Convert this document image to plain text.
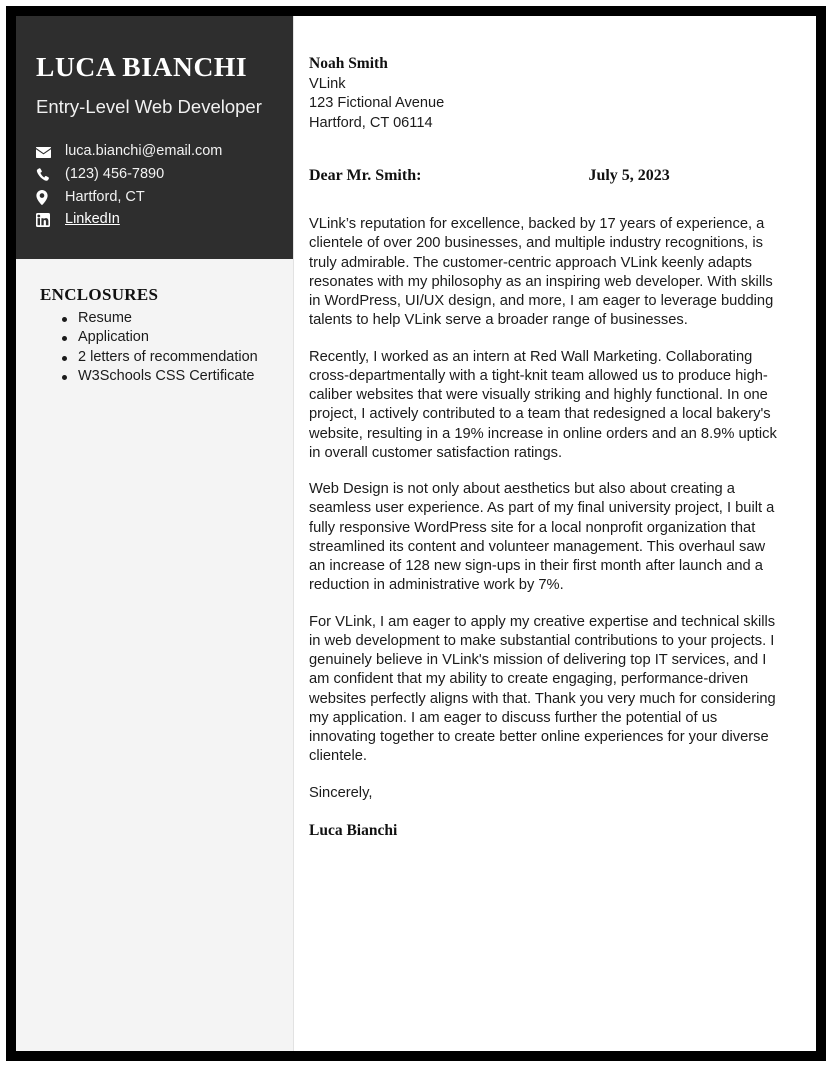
LUCA BIANCHI
Entry-Level Web Developer
luca.bianchi@email.com
(123) 456-7890
Hartford, CT
LinkedIn
ENCLOSURES
Resume
Application
2 letters of recommendation
W3Schools CSS Certificate
Noah Smith
VLink
123 Fictional Avenue
Hartford, CT 06114
Dear Mr. Smith:	July 5, 2023

VLink’s reputation for excellence, backed by 17 years of experience, a clientele of over 200 businesses, and multiple industry recognitions, is truly admirable. The customer-centric approach VLink keenly adapts resonates with my philosophy as an inspiring web developer. With skills in WordPress, UI/UX design, and more, I am eager to leverage budding talents to help VLink serve a broader range of businesses.

Recently, I worked as an intern at Red Wall Marketing. Collaborating cross-departmentally with a tight-knit team allowed us to produce high-caliber websites that were visually striking and highly functional. In one project, I actively contributed to a team that redesigned a local bakery's website, resulting in a 19% increase in online orders and an 8.9% uptick in overall customer satisfaction ratings.

Web Design is not only about aesthetics but also about creating a seamless user experience. As part of my final university project, I built a fully responsive WordPress site for a local nonprofit organization that streamlined its content and volunteer management. This overhaul saw an increase of 128 new sign-ups in their first month after launch and a reduction in administrative work by 7%.

For VLink, I am eager to apply my creative expertise and technical skills in web development to make substantial contributions to your projects. I genuinely believe in VLink's mission of delivering top IT services, and I am confident that my ability to create engaging, performance-driven websites perfectly aligns with that. Thank you very much for considering my application. I am eager to discuss further the potential of us innovating together to create better online experiences for your diverse clientele.

Sincerely,

Luca Bianchi
